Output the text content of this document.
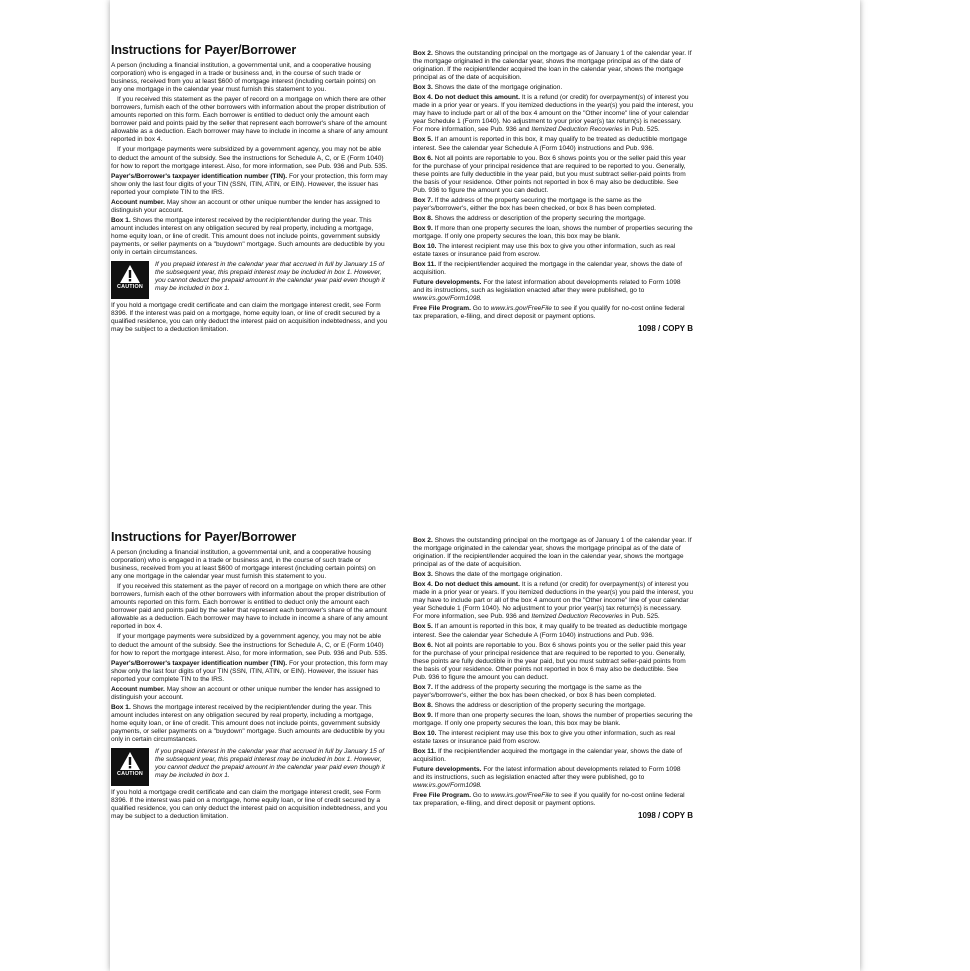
Instructions for Payer/Borrower

A person (including a financial institution, a governmental unit, and a cooperative housing corporation) who is engaged in a trade or business and, in the course of such trade or business, received from you at least $600 of mortgage interest (including certain points) on any one mortgage in the calendar year must furnish this statement to you.

If you received this statement as the payer of record on a mortgage on which there are other borrowers, furnish each of the other borrowers with information about the proper distribution of amounts reported on this form. Each borrower is entitled to deduct only the amount each borrower paid and points paid by the seller that represent each borrower's share of the amount allowable as a deduction. Each borrower may have to include in income a share of any amount reported in box 4.

If your mortgage payments were subsidized by a government agency, you may not be able to deduct the amount of the subsidy. See the instructions for Schedule A, C, or E (Form 1040) for how to report the mortgage interest. Also, for more information, see Pub. 936 and Pub. 535.

Payer's/Borrower's taxpayer identification number (TIN). For your protection, this form may show only the last four digits of your TIN (SSN, ITIN, ATIN, or EIN). However, the issuer has reported your complete TIN to the IRS.

Account number. May show an account or other unique number the lender has assigned to distinguish your account.

Box 1. Shows the mortgage interest received by the recipient/lender during the year. This amount includes interest on any obligation secured by real property, including a mortgage, home equity loan, or line of credit. This amount does not include points, government subsidy payments, or seller payments on a "buydown" mortgage. Such amounts are deductible by you only in certain circumstances.

CAUTION

If you prepaid interest in the calendar year that accrued in full by January 15 of the subsequent year, this prepaid interest may be included in box 1. However, you cannot deduct the prepaid amount in the calendar year paid even though it may be included in box 1.

If you hold a mortgage credit certificate and can claim the mortgage interest credit, see Form 8396. If the interest was paid on a mortgage, home equity loan, or line of credit secured by a qualified residence, you can only deduct the interest paid on acquisition indebtedness, and you may be subject to a deduction limitation.

Box 2. Shows the outstanding principal on the mortgage as of January 1 of the calendar year. If the mortgage originated in the calendar year, shows the mortgage principal as of the date of origination. If the recipient/lender acquired the loan in the calendar year, shows the mortgage principal as of the date of acquisition.

Box 3. Shows the date of the mortgage origination.

Box 4. Do not deduct this amount. It is a refund (or credit) for overpayment(s) of interest you made in a prior year or years. If you itemized deductions in the year(s) you paid the interest, you may have to include part or all of the box 4 amount on the "Other income" line of your calendar year Schedule 1 (Form 1040). No adjustment to your prior year(s) tax return(s) is necessary. For more information, see Pub. 936 and Itemized Deduction Recoveries in Pub. 525.

Box 5. If an amount is reported in this box, it may qualify to be treated as deductible mortgage interest. See the calendar year Schedule A (Form 1040) instructions and Pub. 936.

Box 6. Not all points are reportable to you. Box 6 shows points you or the seller paid this year for the purchase of your principal residence that are required to be reported to you. Generally, these points are fully deductible in the year paid, but you must subtract seller-paid points from the basis of your residence. Other points not reported in box 6 may also be deductible. See Pub. 936 to figure the amount you can deduct.

Box 7. If the address of the property securing the mortgage is the same as the payer's/borrower's, either the box has been checked, or box 8 has been completed.

Box 8. Shows the address or description of the property securing the mortgage.

Box 9. If more than one property secures the loan, shows the number of properties securing the mortgage. If only one property secures the loan, this box may be blank.

Box 10. The interest recipient may use this box to give you other information, such as real estate taxes or insurance paid from escrow.

Box 11. If the recipient/lender acquired the mortgage in the calendar year, shows the date of acquisition.

Future developments. For the latest information about developments related to Form 1098 and its instructions, such as legislation enacted after they were published, go to www.irs.gov/Form1098.

Free File Program. Go to www.irs.gov/FreeFile to see if you qualify for no-cost online federal tax preparation, e-filing, and direct deposit or payment options.

1098 / COPY B
Instructions for Payer/Borrower

A person (including a financial institution, a governmental unit, and a cooperative housing corporation) who is engaged in a trade or business and, in the course of such trade or business, received from you at least $600 of mortgage interest (including certain points) on any one mortgage in the calendar year must furnish this statement to you.

If you received this statement as the payer of record on a mortgage on which there are other borrowers, furnish each of the other borrowers with information about the proper distribution of amounts reported on this form. Each borrower is entitled to deduct only the amount each borrower paid and points paid by the seller that represent each borrower's share of the amount allowable as a deduction. Each borrower may have to include in income a share of any amount reported in box 4.

If your mortgage payments were subsidized by a government agency, you may not be able to deduct the amount of the subsidy. See the instructions for Schedule A, C, or E (Form 1040) for how to report the mortgage interest. Also, for more information, see Pub. 936 and Pub. 535.

Payer's/Borrower's taxpayer identification number (TIN). For your protection, this form may show only the last four digits of your TIN (SSN, ITIN, ATIN, or EIN). However, the issuer has reported your complete TIN to the IRS.

Account number. May show an account or other unique number the lender has assigned to distinguish your account.

Box 1. Shows the mortgage interest received by the recipient/lender during the year. This amount includes interest on any obligation secured by real property, including a mortgage, home equity loan, or line of credit. This amount does not include points, government subsidy payments, or seller payments on a "buydown" mortgage. Such amounts are deductible by you only in certain circumstances.

CAUTION

If you prepaid interest in the calendar year that accrued in full by January 15 of the subsequent year, this prepaid interest may be included in box 1. However, you cannot deduct the prepaid amount in the calendar year paid even though it may be included in box 1.

If you hold a mortgage credit certificate and can claim the mortgage interest credit, see Form 8396. If the interest was paid on a mortgage, home equity loan, or line of credit secured by a qualified residence, you can only deduct the interest paid on acquisition indebtedness, and you may be subject to a deduction limitation.

Box 2. Shows the outstanding principal on the mortgage as of January 1 of the calendar year. If the mortgage originated in the calendar year, shows the mortgage principal as of the date of origination. If the recipient/lender acquired the loan in the calendar year, shows the mortgage principal as of the date of acquisition.

Box 3. Shows the date of the mortgage origination.

Box 4. Do not deduct this amount. It is a refund (or credit) for overpayment(s) of interest you made in a prior year or years. If you itemized deductions in the year(s) you paid the interest, you may have to include part or all of the box 4 amount on the "Other income" line of your calendar year Schedule 1 (Form 1040). No adjustment to your prior year(s) tax return(s) is necessary. For more information, see Pub. 936 and Itemized Deduction Recoveries in Pub. 525.

Box 5. If an amount is reported in this box, it may qualify to be treated as deductible mortgage interest. See the calendar year Schedule A (Form 1040) instructions and Pub. 936.

Box 6. Not all points are reportable to you. Box 6 shows points you or the seller paid this year for the purchase of your principal residence that are required to be reported to you. Generally, these points are fully deductible in the year paid, but you must subtract seller-paid points from the basis of your residence. Other points not reported in box 6 may also be deductible. See Pub. 936 to figure the amount you can deduct.

Box 7. If the address of the property securing the mortgage is the same as the payer's/borrower's, either the box has been checked, or box 8 has been completed.

Box 8. Shows the address or description of the property securing the mortgage.

Box 9. If more than one property secures the loan, shows the number of properties securing the mortgage. If only one property secures the loan, this box may be blank.

Box 10. The interest recipient may use this box to give you other information, such as real estate taxes or insurance paid from escrow.

Box 11. If the recipient/lender acquired the mortgage in the calendar year, shows the date of acquisition.

Future developments. For the latest information about developments related to Form 1098 and its instructions, such as legislation enacted after they were published, go to www.irs.gov/Form1098.

Free File Program. Go to www.irs.gov/FreeFile to see if you qualify for no-cost online federal tax preparation, e-filing, and direct deposit or payment options.

1098 / COPY B
